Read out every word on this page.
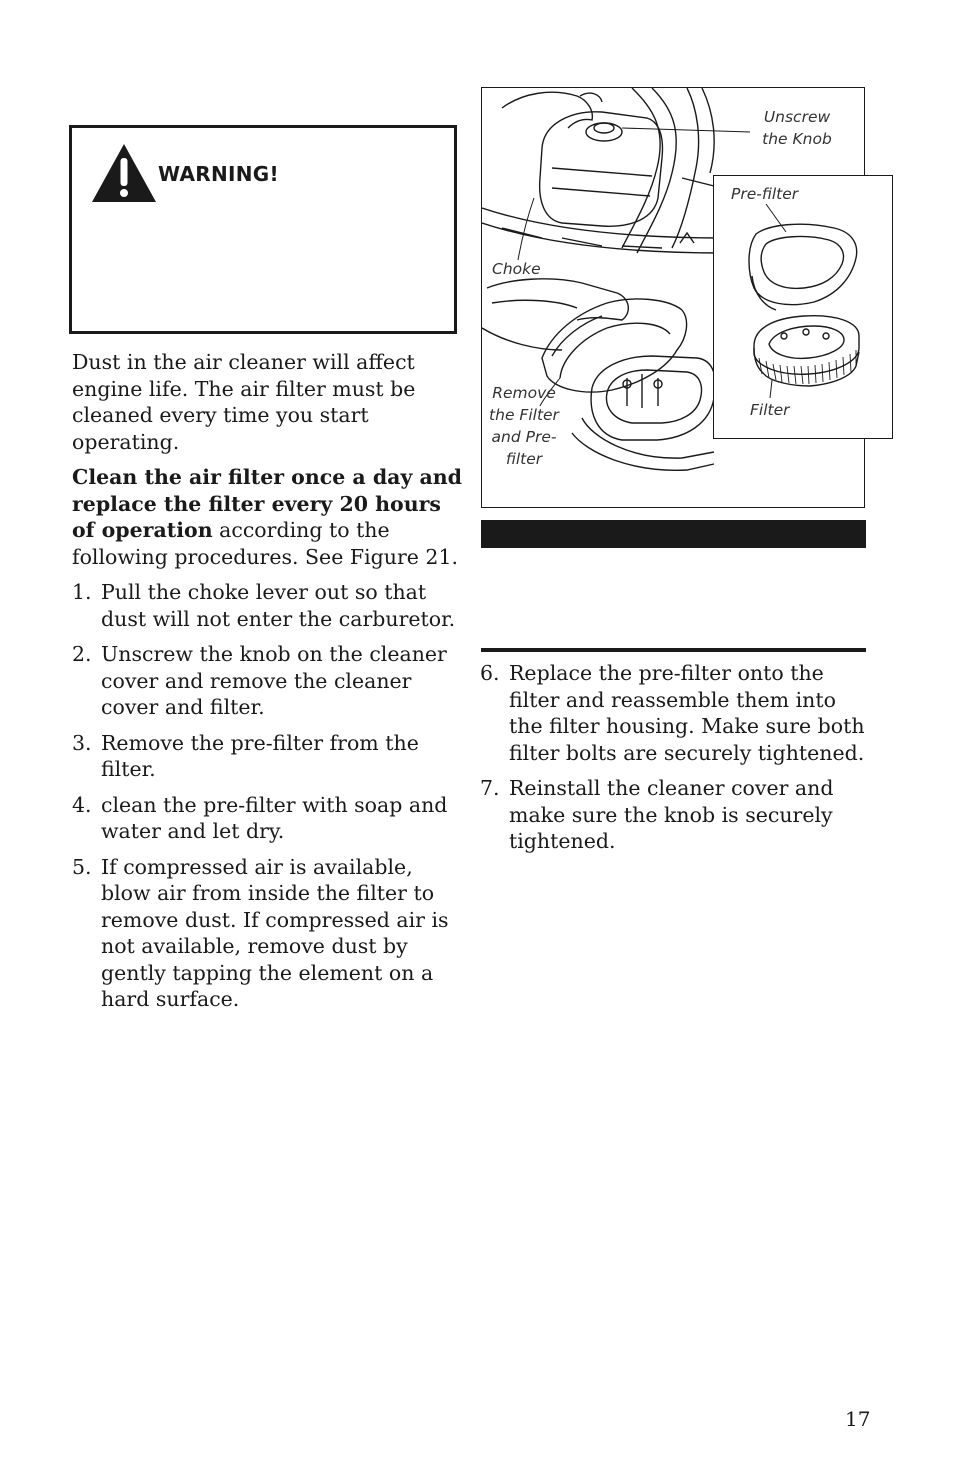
WARNING!

Dust in the air cleaner will affect engine life. The air filter must be cleaned every time you start operating.

Clean the air filter once a day and replace the filter every 20 hours of operation according to the following procedures. See Figure 21.

1. Pull the choke lever out so that dust will not enter the carburetor.
2. Unscrew the knob on the cleaner cover and remove the cleaner cover and filter.
3. Remove the pre-filter from the filter.
4. clean the pre-filter with soap and water and let dry.
5. If compressed air is available, blow air from inside the filter to remove dust. If compressed air is not available, remove dust by gently tapping the element on a hard surface.
Unscrew
the Knob
Choke
Remove
the Filter
and Pre-
filter
Pre-filter
Filter
6. Replace the pre-filter onto the filter and reassemble them into the filter housing. Make sure both filter bolts are securely tightened.
7. Reinstall the cleaner cover and make sure the knob is securely tightened.
17
